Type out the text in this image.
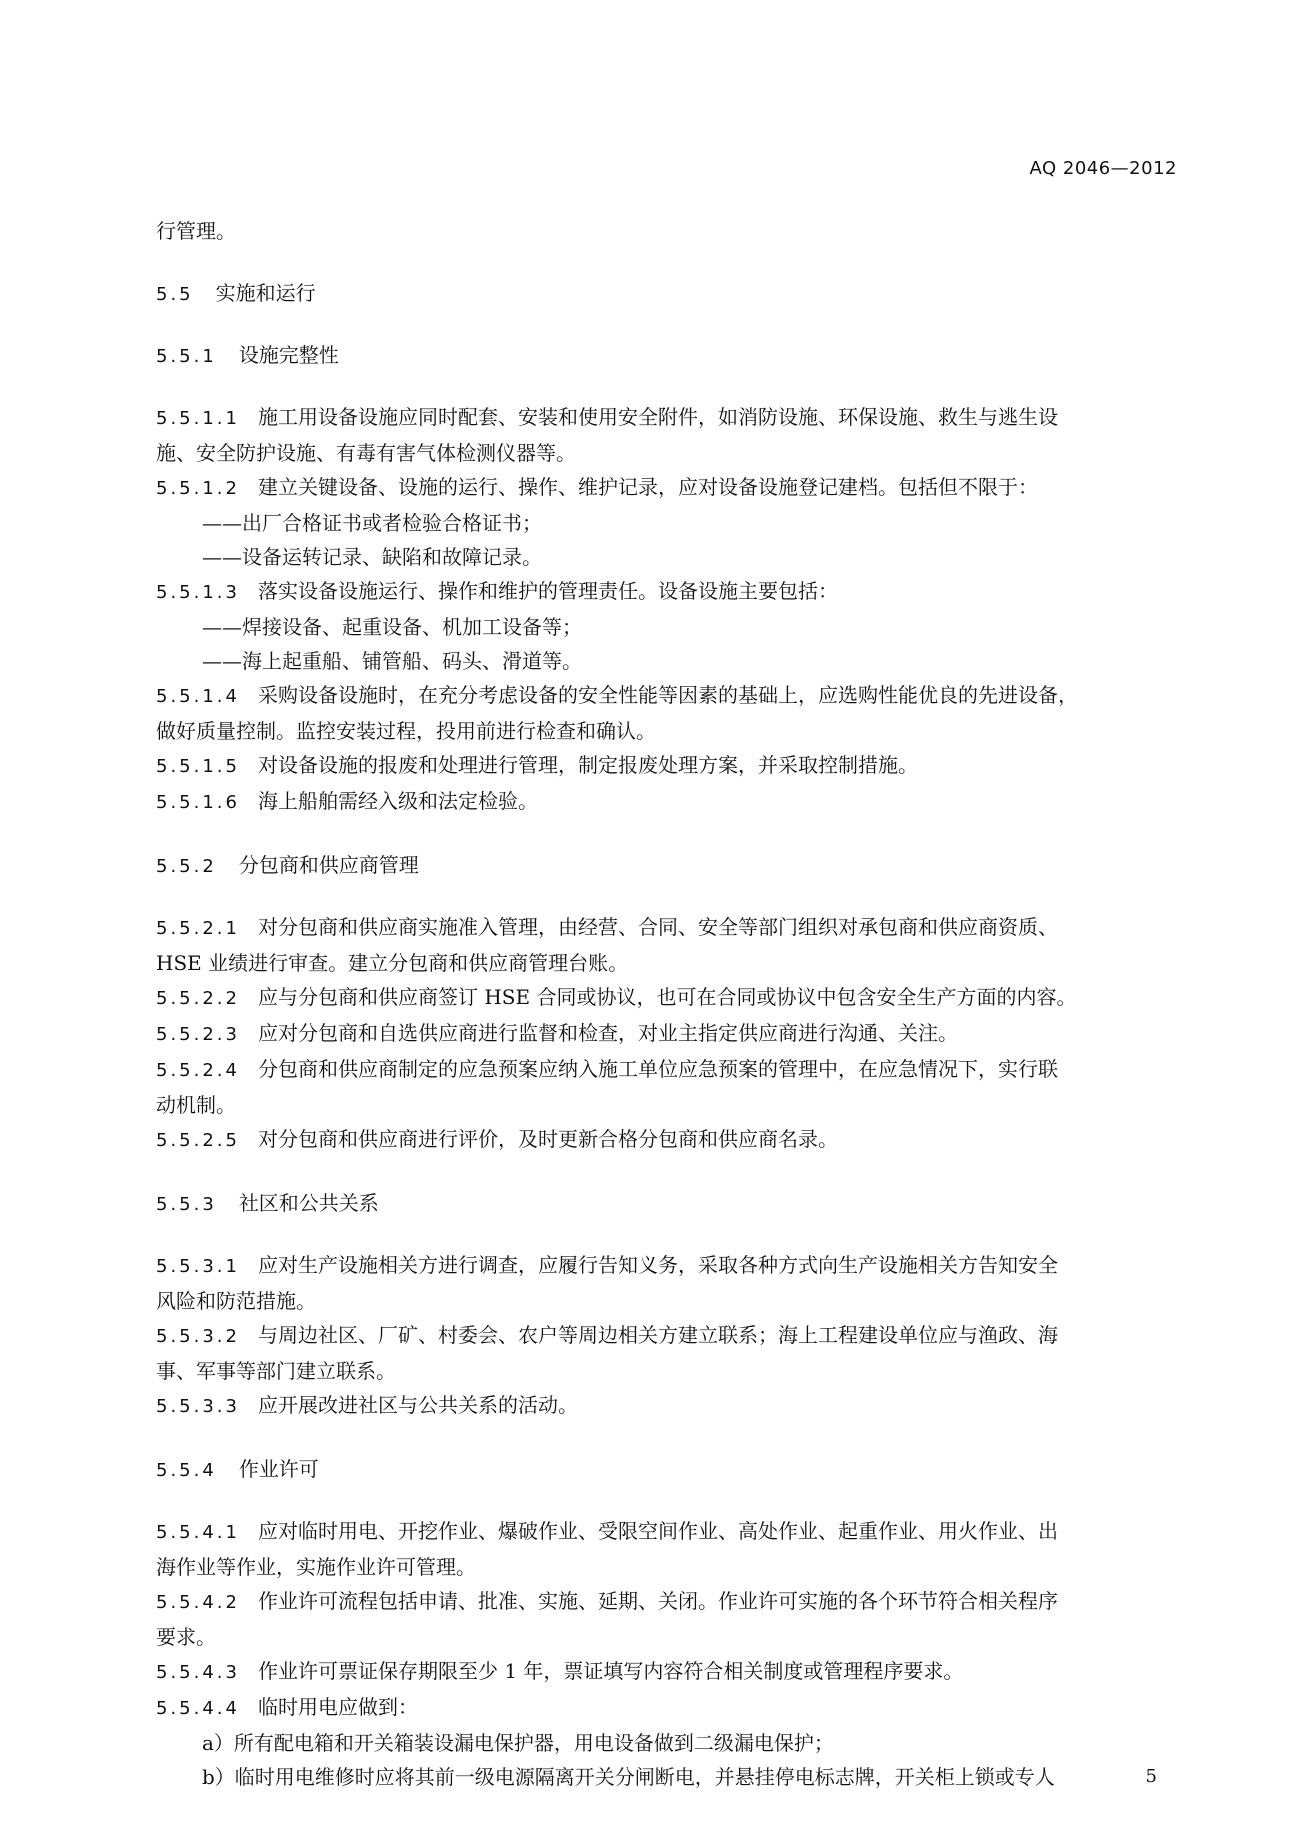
AQ 2046—2012
行管理。
5.5 实施和运行
5.5.1 设施完整性
5.5.1.1 施工用设备设施应同时配套、安装和使用安全附件，如消防设施、环保设施、救生与逃生设
施、安全防护设施、有毒有害气体检测仪器等。
5.5.1.2 建立关键设备、设施的运行、操作、维护记录，应对设备设施登记建档。包括但不限于：
——出厂合格证书或者检验合格证书；
——设备运转记录、缺陷和故障记录。
5.5.1.3 落实设备设施运行、操作和维护的管理责任。设备设施主要包括：
——焊接设备、起重设备、机加工设备等；
——海上起重船、铺管船、码头、滑道等。
5.5.1.4 采购设备设施时，在充分考虑设备的安全性能等因素的基础上，应选购性能优良的先进设备，
做好质量控制。监控安装过程，投用前进行检查和确认。
5.5.1.5 对设备设施的报废和处理进行管理，制定报废处理方案，并采取控制措施。
5.5.1.6 海上船舶需经入级和法定检验。
5.5.2 分包商和供应商管理
5.5.2.1 对分包商和供应商实施准入管理，由经营、合同、安全等部门组织对承包商和供应商资质、
HSE 业绩进行审查。建立分包商和供应商管理台账。
5.5.2.2 应与分包商和供应商签订 HSE 合同或协议，也可在合同或协议中包含安全生产方面的内容。
5.5.2.3 应对分包商和自选供应商进行监督和检查，对业主指定供应商进行沟通、关注。
5.5.2.4 分包商和供应商制定的应急预案应纳入施工单位应急预案的管理中，在应急情况下，实行联
动机制。
5.5.2.5 对分包商和供应商进行评价，及时更新合格分包商和供应商名录。
5.5.3 社区和公共关系
5.5.3.1 应对生产设施相关方进行调查，应履行告知义务，采取各种方式向生产设施相关方告知安全
风险和防范措施。
5.5.3.2 与周边社区、厂矿、村委会、农户等周边相关方建立联系；海上工程建设单位应与渔政、海
事、军事等部门建立联系。
5.5.3.3 应开展改进社区与公共关系的活动。
5.5.4 作业许可
5.5.4.1 应对临时用电、开挖作业、爆破作业、受限空间作业、高处作业、起重作业、用火作业、出
海作业等作业，实施作业许可管理。
5.5.4.2 作业许可流程包括申请、批准、实施、延期、关闭。作业许可实施的各个环节符合相关程序
要求。
5.5.4.3 作业许可票证保存期限至少 1 年，票证填写内容符合相关制度或管理程序要求。
5.5.4.4 临时用电应做到：
a）所有配电箱和开关箱装设漏电保护器，用电设备做到二级漏电保护；
b）临时用电维修时应将其前一级电源隔离开关分闸断电，并悬挂停电标志牌，开关柜上锁或专人	5
